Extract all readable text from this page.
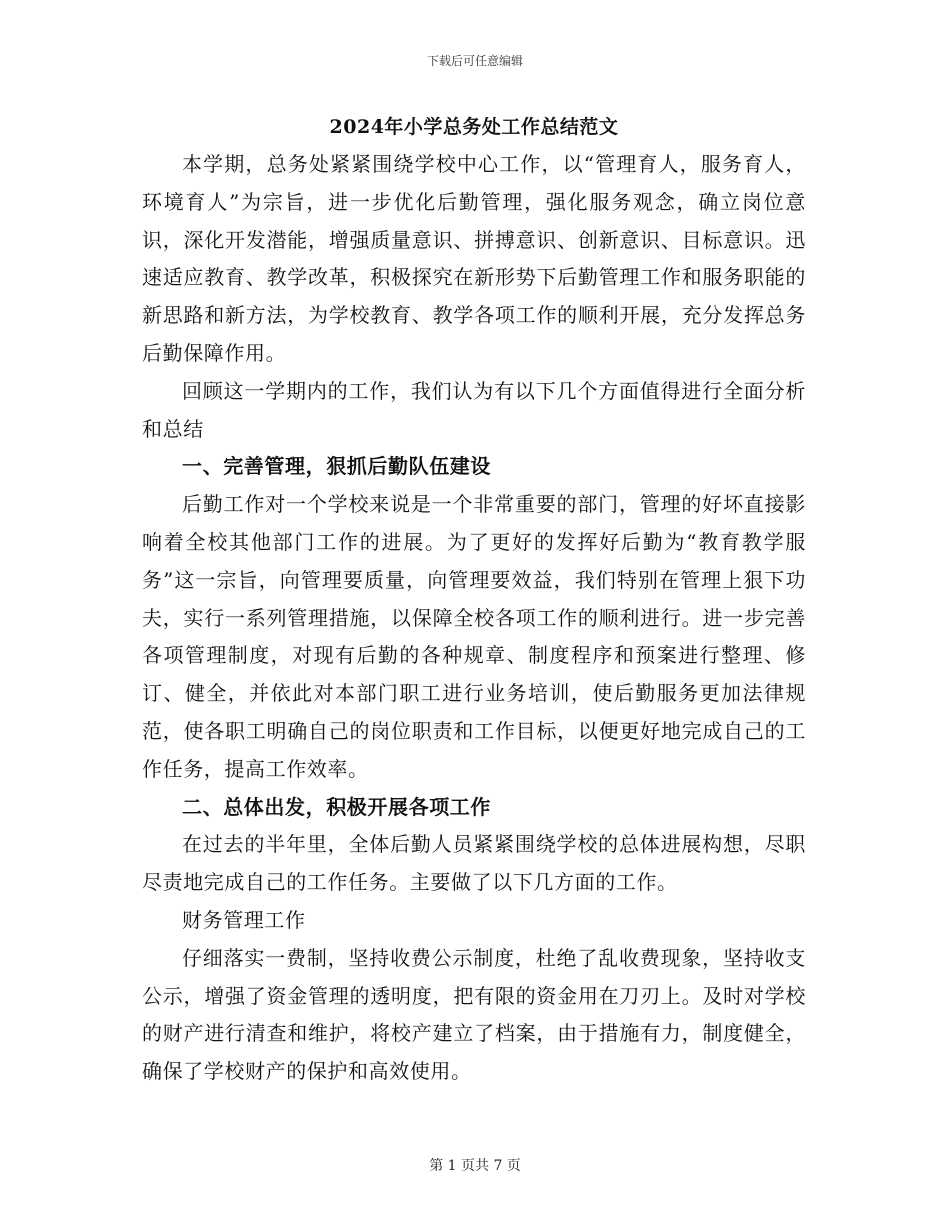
下载后可任意编辑
2024年小学总务处工作总结范文

本学期，总务处紧紧围绕学校中心工作，以“管理育人，服务育人，环境育人”为宗旨，进一步优化后勤管理，强化服务观念，确立岗位意识，深化开发潜能，增强质量意识、拼搏意识、创新意识、目标意识。迅速适应教育、教学改革，积极探究在新形势下后勤管理工作和服务职能的新思路和新方法，为学校教育、教学各项工作的顺利开展，充分发挥总务后勤保障作用。

回顾这一学期内的工作，我们认为有以下几个方面值得进行全面分析和总结

一、完善管理，狠抓后勤队伍建设

后勤工作对一个学校来说是一个非常重要的部门，管理的好坏直接影响着全校其他部门工作的进展。为了更好的发挥好后勤为“教育教学服务”这一宗旨，向管理要质量，向管理要效益，我们特别在管理上狠下功夫，实行一系列管理措施，以保障全校各项工作的顺利进行。进一步完善各项管理制度，对现有后勤的各种规章、制度程序和预案进行整理、修订、健全，并依此对本部门职工进行业务培训，使后勤服务更加法律规范，使各职工明确自己的岗位职责和工作目标，以便更好地完成自己的工作任务，提高工作效率。

二、总体出发，积极开展各项工作

在过去的半年里，全体后勤人员紧紧围绕学校的总体进展构想，尽职尽责地完成自己的工作任务。主要做了以下几方面的工作。

财务管理工作

仔细落实一费制，坚持收费公示制度，杜绝了乱收费现象，坚持收支公示，增强了资金管理的透明度，把有限的资金用在刀刃上。及时对学校的财产进行清查和维护，将校产建立了档案，由于措施有力，制度健全，确保了学校财产的保护和高效使用。

第 1 页共 7 页
